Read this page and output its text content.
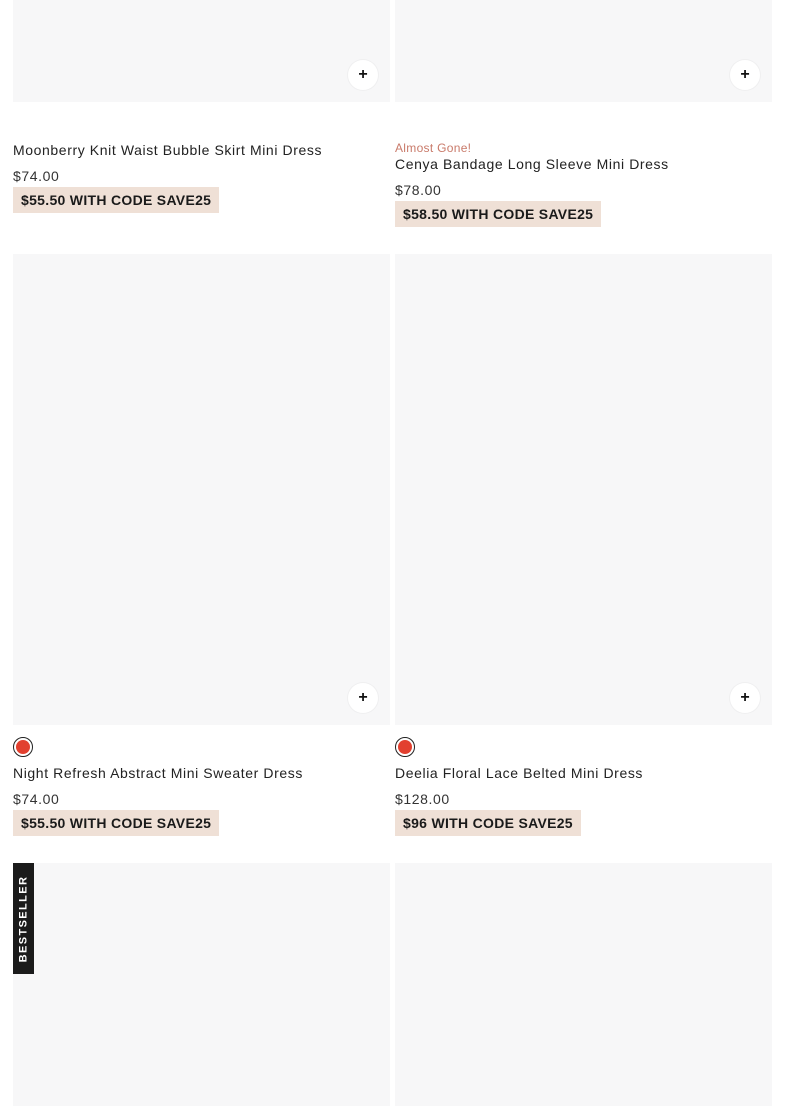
+
Moonberry Knit Waist Bubble Skirt Mini Dress
$74.00
$55.50 WITH CODE SAVE25
+
Almost Gone!
Cenya Bandage Long Sleeve Mini Dress
$78.00
$58.50 WITH CODE SAVE25
+
Night Refresh Abstract Mini Sweater Dress
$74.00
$55.50 WITH CODE SAVE25
+
Deelia Floral Lace Belted Mini Dress
$128.00
$96 WITH CODE SAVE25
BESTSELLER
